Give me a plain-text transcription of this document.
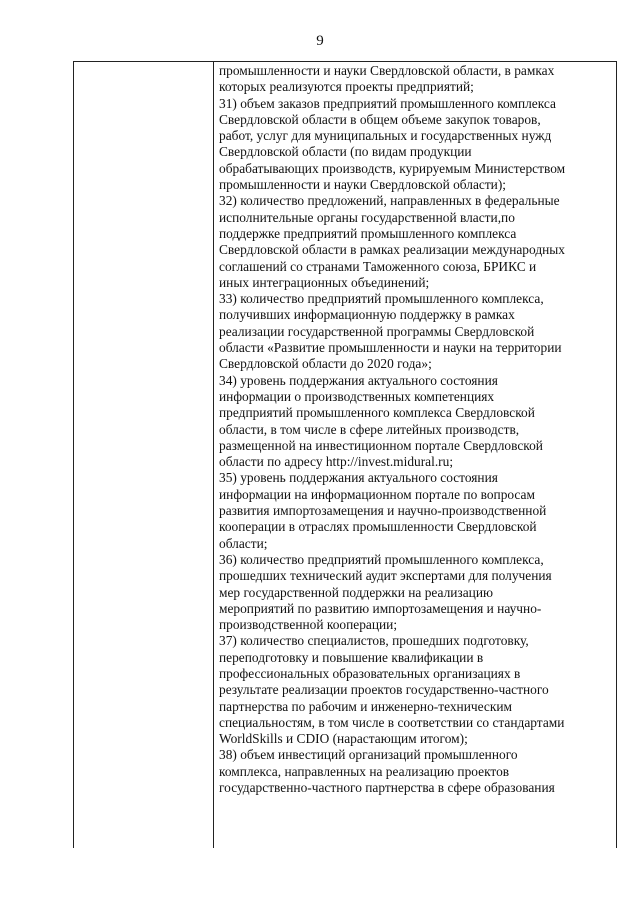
9
промышленности и науки Свердловской области, в рамках
которых реализуются проекты предприятий;
31) объем заказов предприятий промышленного комплекса
Свердловской области в общем объеме закупок товаров,
работ, услуг для муниципальных и государственных нужд
Свердловской области (по видам продукции
обрабатывающих производств, курируемым Министерством
промышленности и науки Свердловской области);
32) количество предложений, направленных в федеральные
исполнительные органы государственной власти,по
поддержке предприятий промышленного комплекса
Свердловской области в рамках реализации международных
соглашений со странами Таможенного союза, БРИКС и
иных интеграционных объединений;
33) количество предприятий промышленного комплекса,
получивших информационную поддержку в рамках
реализации государственной программы Свердловской
области «Развитие промышленности и науки на территории
Свердловской области до 2020 года»;
34) уровень поддержания актуального состояния
информации о производственных компетенциях
предприятий промышленного комплекса Свердловской
области, в том числе в сфере литейных производств,
размещенной на инвестиционном портале Свердловской
области по адресу http://invest.midural.ru;
35) уровень поддержания актуального состояния
информации на информационном портале по вопросам
развития импортозамещения и научно-производственной
кооперации в отраслях промышленности Свердловской
области;
36) количество предприятий промышленного комплекса,
прошедших технический аудит экспертами для получения
мер государственной поддержки на реализацию
мероприятий по развитию импортозамещения и научно-
производственной кооперации;
37) количество специалистов, прошедших подготовку,
переподготовку и повышение квалификации в
профессиональных образовательных организациях в
результате реализации проектов государственно-частного
партнерства по рабочим и инженерно-техническим
специальностям, в том числе в соответствии со стандартами
WorldSkills и CDIO (нарастающим итогом);
38) объем инвестиций организаций промышленного
комплекса, направленных на реализацию проектов
государственно-частного партнерства в сфере образования
